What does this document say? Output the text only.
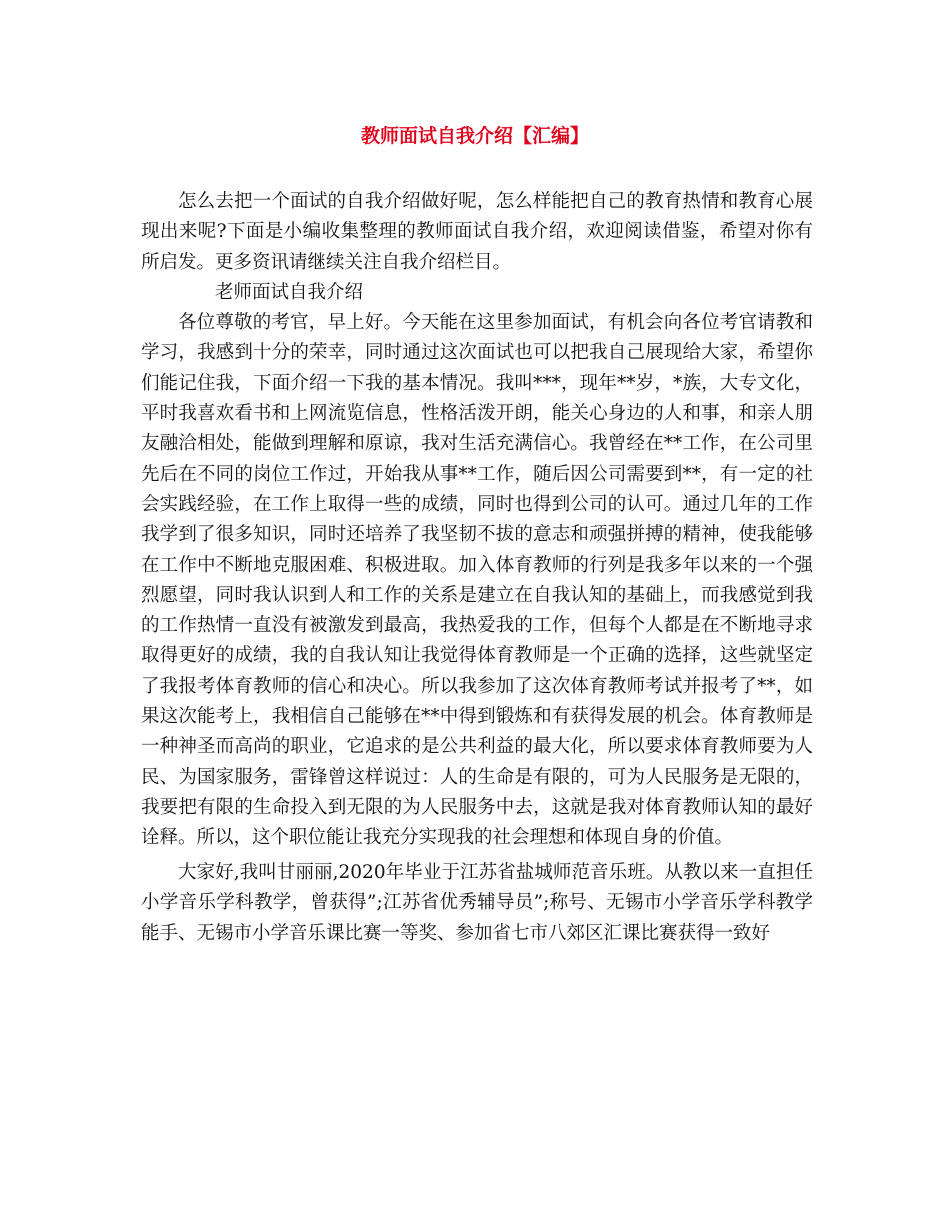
教师面试自我介绍【汇编】

怎么去把一个面试的自我介绍做好呢，怎么样能把自己的教育热情和教育心展现出来呢?下面是小编收集整理的教师面试自我介绍，欢迎阅读借鉴，希望对你有所启发。更多资讯请继续关注自我介绍栏目。

  老师面试自我介绍

各位尊敬的考官，早上好。今天能在这里参加面试，有机会向各位考官请教和学习，我感到十分的荣幸，同时通过这次面试也可以把我自己展现给大家，希望你们能记住我，下面介绍一下我的基本情况。我叫***，现年**岁，*族，大专文化，平时我喜欢看书和上网流览信息，性格活泼开朗，能关心身边的人和事，和亲人朋友融洽相处，能做到理解和原谅，我对生活充满信心。我曾经在**工作，在公司里先后在不同的岗位工作过，开始我从事**工作，随后因公司需要到**，有一定的社会实践经验，在工作上取得一些的成绩，同时也得到公司的认可。通过几年的工作我学到了很多知识，同时还培养了我坚韧不拔的意志和顽强拼搏的精神，使我能够在工作中不断地克服困难、积极进取。加入体育教师的行列是我多年以来的一个强烈愿望，同时我认识到人和工作的关系是建立在自我认知的基础上，而我感觉到我的工作热情一直没有被激发到最高，我热爱我的工作，但每个人都是在不断地寻求取得更好的成绩，我的自我认知让我觉得体育教师是一个正确的选择，这些就坚定了我报考体育教师的信心和决心。所以我参加了这次体育教师考试并报考了**，如果这次能考上，我相信自己能够在**中得到锻炼和有获得发展的机会。体育教师是一种神圣而高尚的职业，它追求的是公共利益的最大化，所以要求体育教师要为人民、为国家服务，雷锋曾这样说过：人的生命是有限的，可为人民服务是无限的，我要把有限的生命投入到无限的为人民服务中去，这就是我对体育教师认知的最好诠释。所以，这个职位能让我充分实现我的社会理想和体现自身的价值。

大家好,我叫甘丽丽,2020年毕业于江苏省盐城师范音乐班。从教以来一直担任小学音乐学科教学，曾获得”;江苏省优秀辅导员”;称号、无锡市小学音乐学科教学能手、无锡市小学音乐课比赛一等奖、参加省七市八郊区汇课比赛获得一致好
